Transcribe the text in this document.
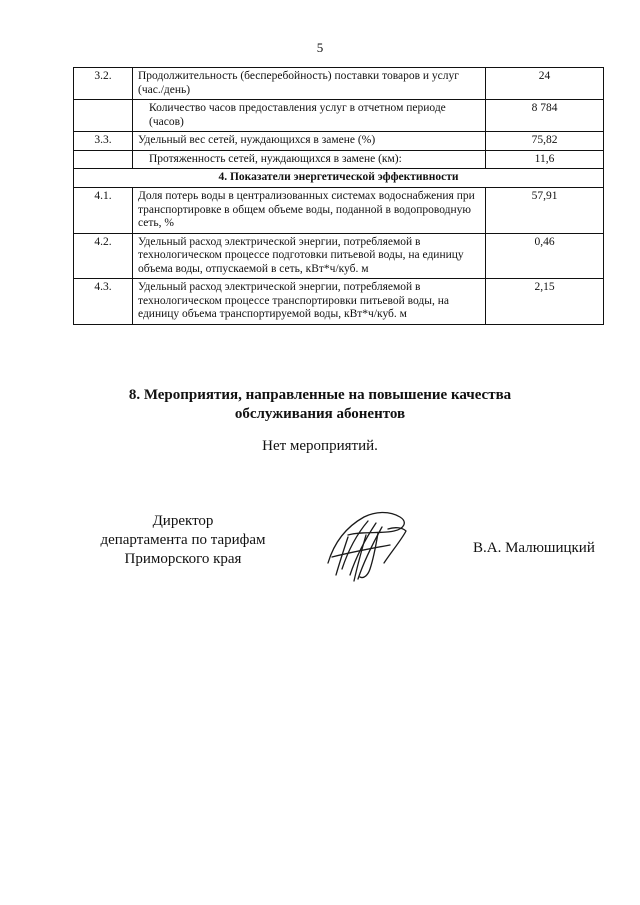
5
3.2.	Продолжительность (бесперебойность) поставки товаров и услуг (час./день)	24
	Количество часов предоставления услуг в отчетном периоде (часов)	8 784
3.3.	Удельный вес сетей, нуждающихся в замене (%)	75,82
	Протяженность сетей, нуждающихся в замене (км):	11,6
4. Показатели энергетической эффективности		
4.1.	Доля потерь воды в централизованных системах водоснабжения при транспортировке в общем объеме воды, поданной в водопроводную сеть, %	57,91
4.2.	Удельный расход электрической энергии, потребляемой в технологическом процессе подготовки питьевой воды, на единицу объема воды, отпускаемой в сеть, кВт*ч/куб. м	0,46
4.3.	Удельный расход электрической энергии, потребляемой в технологическом процессе транспортировки питьевой воды, на единицу объема транспортируемой воды, кВт*ч/куб. м	2,15
8. Мероприятия, направленные на повышение качества
обслуживания абонентов
Нет мероприятий.
Директор
департамента по тарифам
Приморского края
В.А. Малюшицкий
